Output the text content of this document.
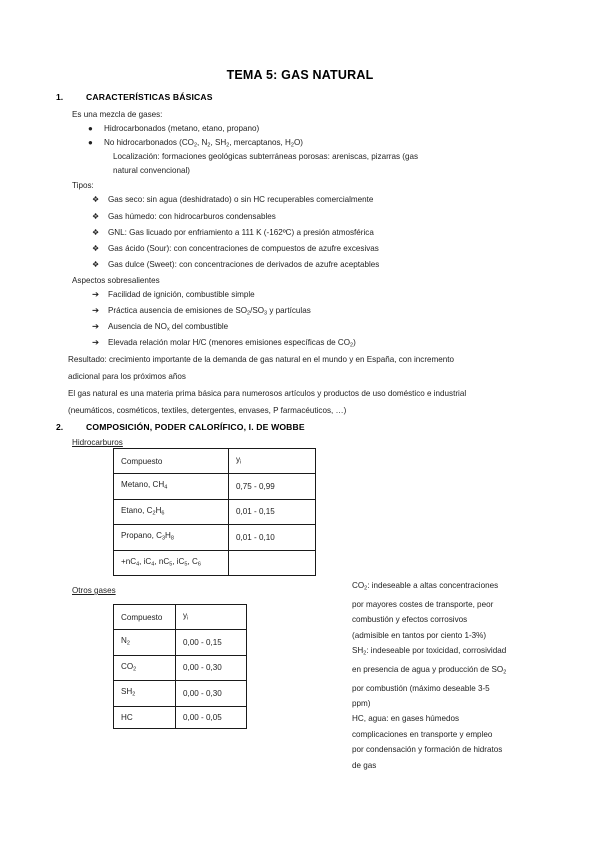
TEMA 5: GAS NATURAL
1.	CARACTERÍSTICAS BÁSICAS
Es una mezcla de gases:
●	Hidrocarbonados (metano, etano, propano)
●	No hidrocarbonados ($CO_2$, $N_2$, $SH_2$, mercaptanos, $H_2O$)
Localización: formaciones geológicas subterráneas porosas: areniscas, pizarras (gas
natural convencional)
Tipos:
❖	Gas seco: sin agua (deshidratado) o sin HC recuperables comercialmente
❖	Gas húmedo: con hidrocarburos condensables
❖	GNL: Gas licuado por enfriamiento a 111 K (-162ºC) a presión atmosférica
❖	Gas ácido (Sour): con concentraciones de compuestos de azufre excesivas
❖	Gas dulce (Sweet): con concentraciones de derivados de azufre aceptables
Aspectos sobresalientes
➔	Facilidad de ignición, combustible simple
➔	Práctica ausencia de emisiones de $SO_2/SO_3$ y partículas
➔	Ausencia de $NO_x$ del combustible
➔	Elevada relación molar H/C (menores emisiones específicas de $CO_2$)
Resultado: crecimiento importante de la demanda de gas natural en el mundo y en España, con incremento
adicional para los próximos años
El gas natural es una materia prima básica para numerosos artículos y productos de uso doméstico e industrial
(neumáticos, cosméticos, textiles, detergentes, envases, P farmacéuticos, …)
2.	COMPOSICIÓN, PODER CALORÍFICO, I. DE WOBBE
Hidrocarburos
Compuesto	$y_i$
Metano, $CH_4$	0,75 - 0,99
Etano, $C_2H_6$	0,01 - 0,15
Propano, $C_3H_8$	0,01 - 0,10
$+nC_4$, $iC_4$, $nC_5$, $iC_5$, $C_6$	
Otros gases
Compuesto	$y_i$
$N_2$	0,00 - 0,15
$CO_2$	0,00 - 0,30
$SH_2$	0,00 - 0,30
HC	0,00 - 0,05

$CO_2$: indeseable a altas concentraciones

por mayores costes de transporte, peor

combustión y efectos corrosivos

(admisible en tantos por ciento 1-3%)

$SH_2$: indeseable por toxicidad, corrosividad

en presencia de agua y producción de $SO_2$

por combustión (máximo deseable 3-5

ppm)

HC, agua: en gases húmedos

complicaciones en transporte y empleo

por condensación y formación de hidratos

de gas
